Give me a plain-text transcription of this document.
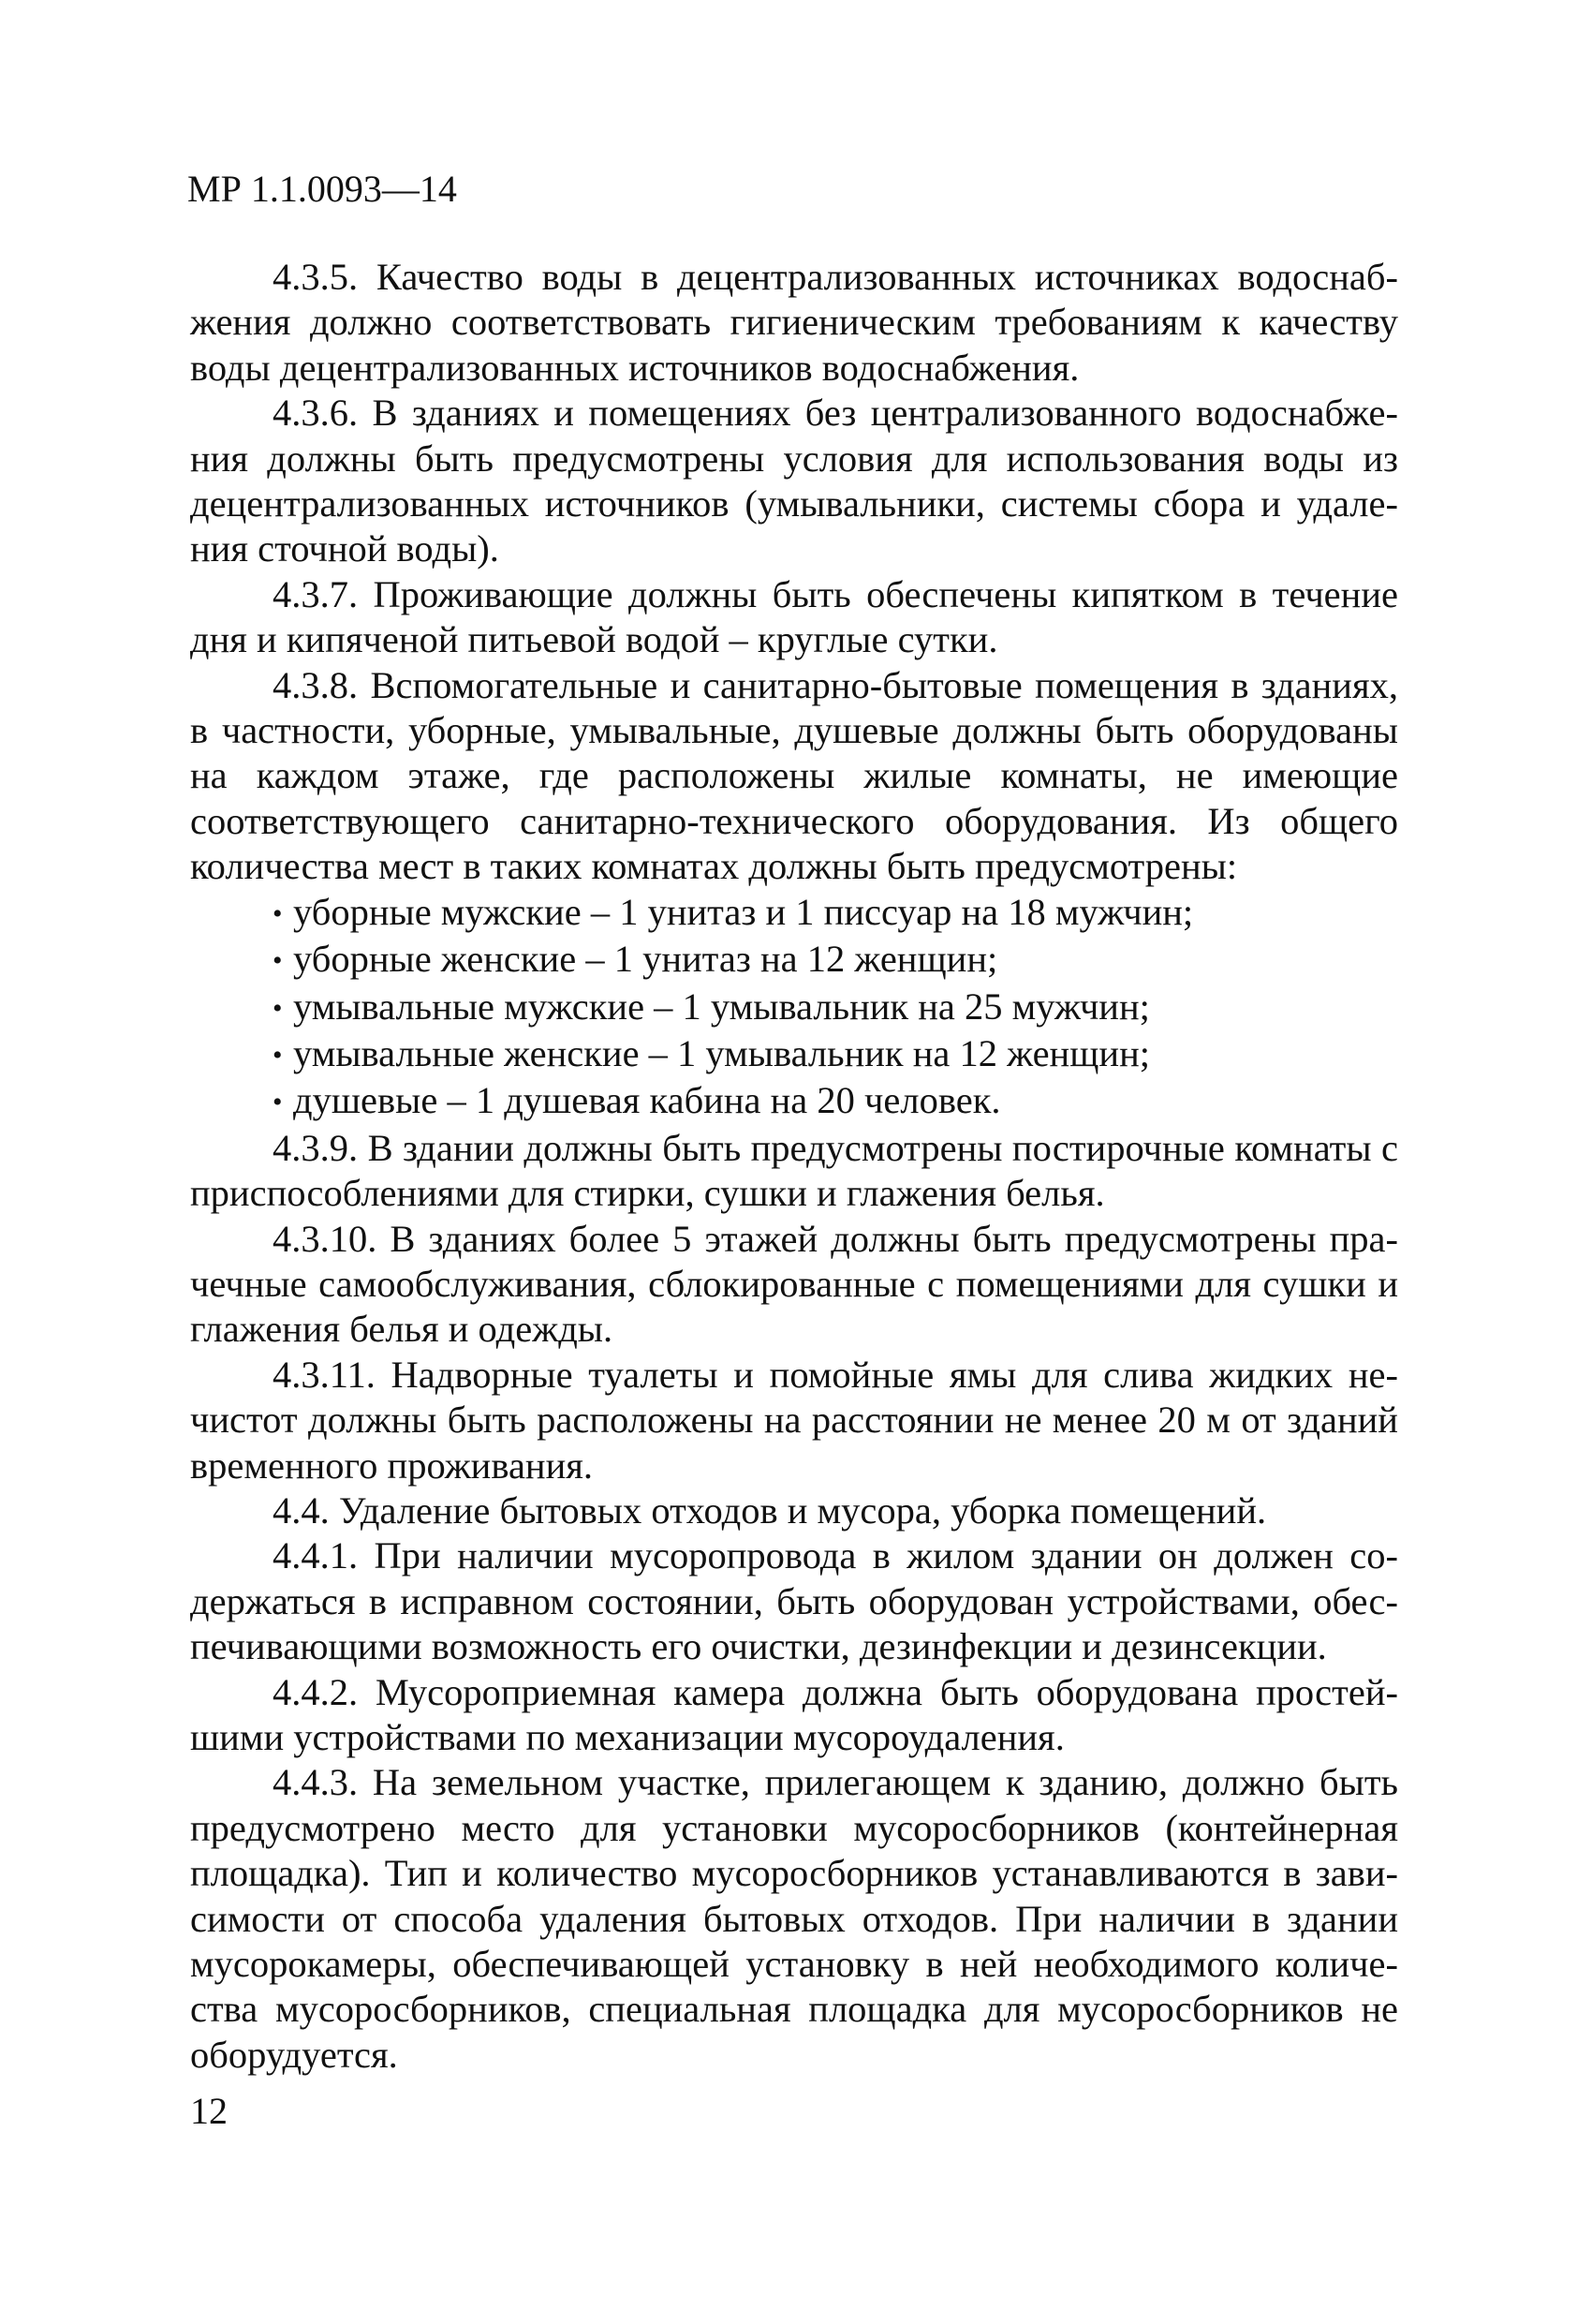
МР 1.1.0093—14

4.3.5. Качество воды в децентрализованных источниках водоснабжения должно соответствовать гигиеническим требованиям к качеству воды децентрализованных источников водоснабжения.

4.3.6. В зданиях и помещениях без централизованного водоснабжения должны быть предусмотрены условия для использования воды из децентрализованных источников (умывальники, системы сбора и удаления сточной воды).

4.3.7. Проживающие должны быть обеспечены кипятком в течение дня и кипяченой питьевой водой – круглые сутки.

4.3.8. Вспомогательные и санитарно-бытовые помещения в зданиях, в частности, уборные, умывальные, душевые должны быть оборудованы на каждом этаже, где расположены жилые комнаты, не имеющие соответствующего санитарно-технического оборудования. Из общего количества мест в таких комнатах должны быть предусмотрены:

• уборные мужские – 1 унитаз и 1 писсуар на 18 мужчин;
• уборные женские – 1 унитаз на 12 женщин;
• умывальные мужские – 1 умывальник на 25 мужчин;
• умывальные женские – 1 умывальник на 12 женщин;
• душевые – 1 душевая кабина на 20 человек.

4.3.9. В здании должны быть предусмотрены постирочные комнаты с приспособлениями для стирки, сушки и глажения белья.

4.3.10. В зданиях более 5 этажей должны быть предусмотрены прачечные самообслуживания, сблокированные с помещениями для сушки и глажения белья и одежды.

4.3.11. Надворные туалеты и помойные ямы для слива жидких нечистот должны быть расположены на расстоянии не менее 20 м от зданий временного проживания.

4.4. Удаление бытовых отходов и мусора, уборка помещений.

4.4.1. При наличии мусоропровода в жилом здании он должен содержаться в исправном состоянии, быть оборудован устройствами, обеспечивающими возможность его очистки, дезинфекции и дезинсекции.

4.4.2. Мусороприемная камера должна быть оборудована простейшими устройствами по механизации мусороудаления.

4.4.3. На земельном участке, прилегающем к зданию, должно быть предусмотрено место для установки мусоросборников (контейнерная площадка). Тип и количество мусоросборников устанавливаются в зависимости от способа удаления бытовых отходов. При наличии в здании мусорокамеры, обеспечивающей установку в ней необходимого количества мусоросборников, специальная площадка для мусоросборников не оборудуется.

12
